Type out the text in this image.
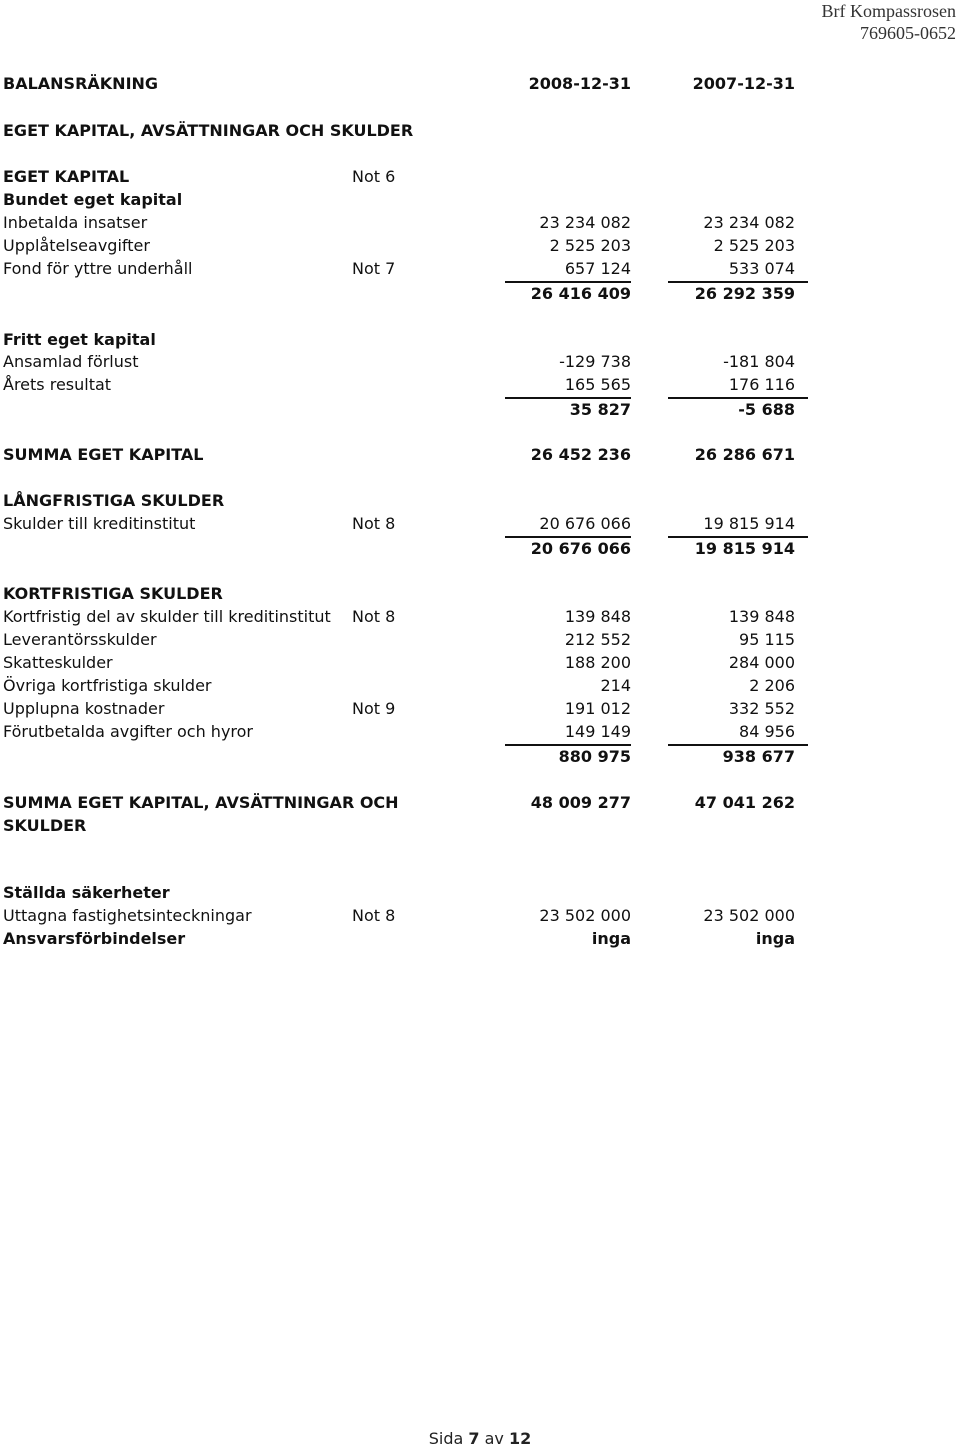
Brf Kompassrosen
769605-0652
BALANSRÄKNING	2008-12-31	2007-12-31
EGET KAPITAL, AVSÄTTNINGAR OCH SKULDER
EGET KAPITAL	Not 6
Bundet eget kapital
Inbetalda insatser	23 234 082	23 234 082
Upplåtelseavgifter	2 525 203	2 525 203
Fond för yttre underhåll	Not 7	657 124	533 074
26 416 409	26 292 359
Fritt eget kapital
Ansamlad förlust	-129 738	-181 804
Årets resultat	165 565	176 116
35 827	-5 688
SUMMA EGET KAPITAL	26 452 236	26 286 671
LÅNGFRISTIGA SKULDER
Skulder till kreditinstitut	Not 8	20 676 066	19 815 914
20 676 066	19 815 914
KORTFRISTIGA SKULDER
Kortfristig del av skulder till kreditinstitut Not 8	139 848	139 848
Leverantörsskulder	212 552	95 115
Skatteskulder	188 200	284 000
Övriga kortfristiga skulder	214	2 206
Upplupna kostnader	Not 9	191 012	332 552
Förutbetalda avgifter och hyror	149 149	84 956
880 975	938 677
SUMMA EGET KAPITAL, AVSÄTTNINGAR OCH SKULDER
48 009 277	47 041 262
Ställda säkerheter
Uttagna fastighetsinteckningar	Not 8	23 502 000	23 502 000
Ansvarsförbindelser	inga	inga
Sida 7 av 12
